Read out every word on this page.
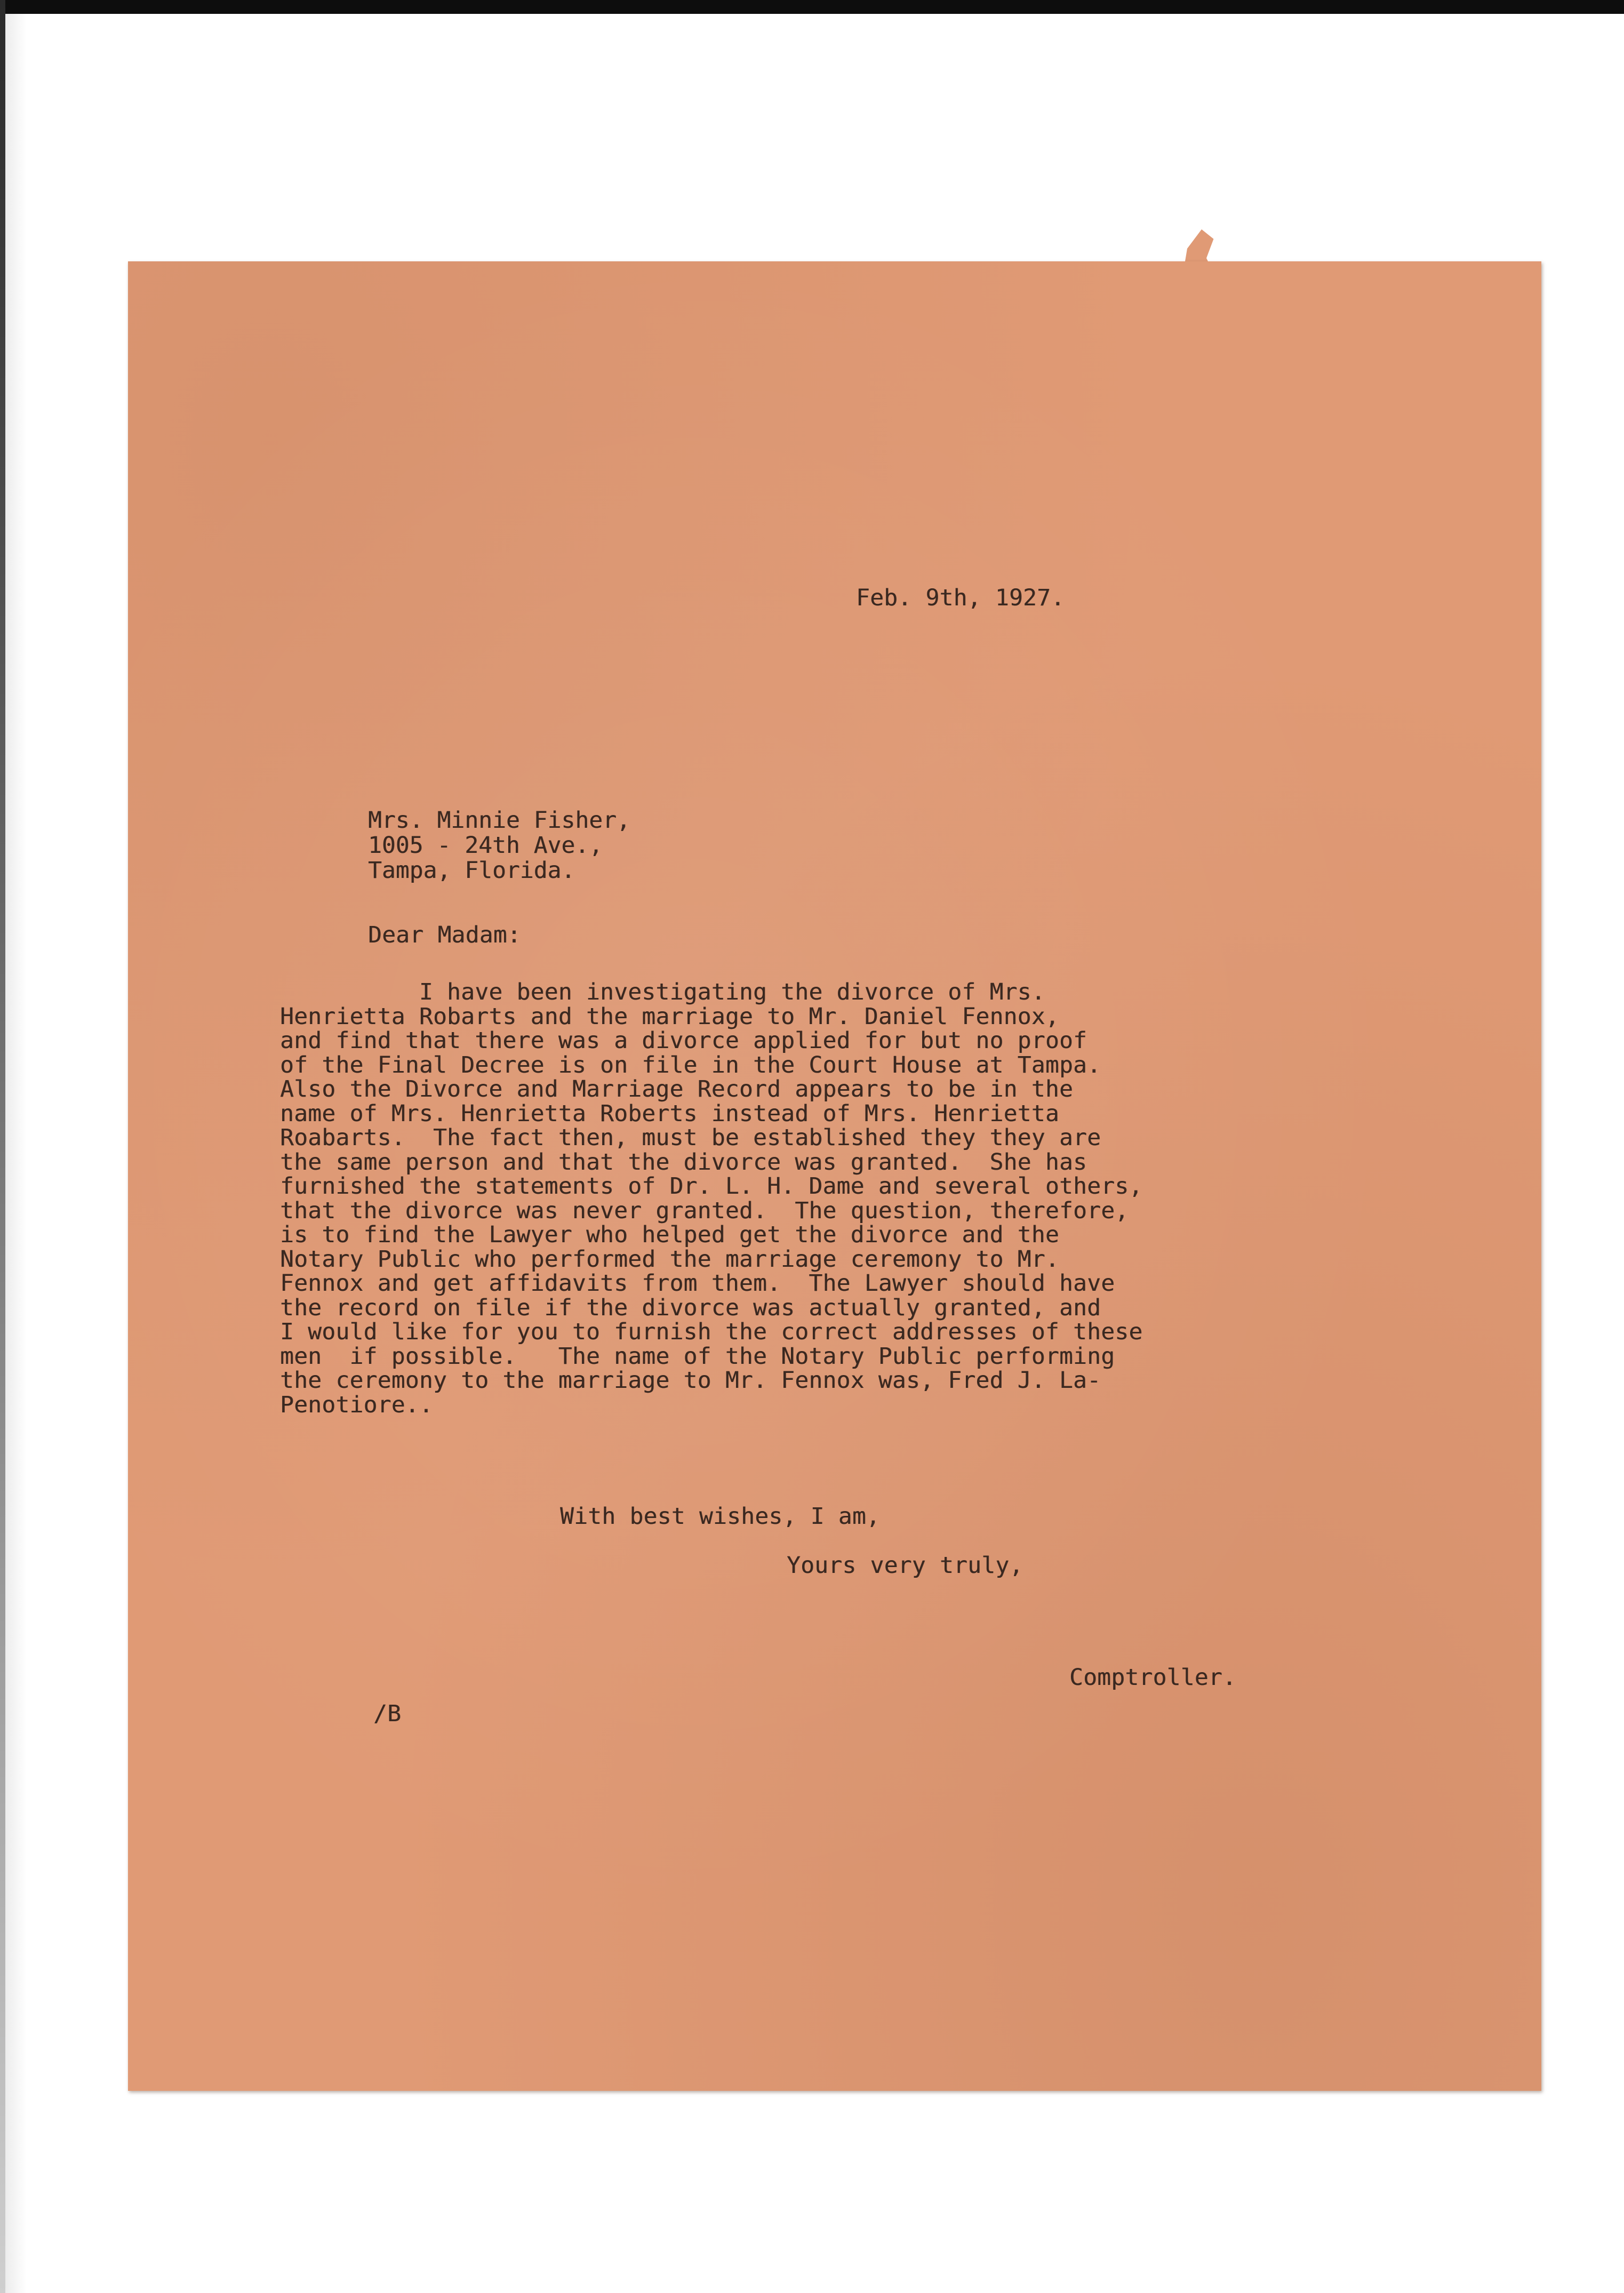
Feb. 9th, 1927.

Mrs. Minnie Fisher,
1005 - 24th Ave.,
Tampa, Florida.

Dear Madam:

I have been investigating the divorce of Mrs.
Henrietta Robarts and the marriage to Mr. Daniel Fennox,
and find that there was a divorce applied for but no proof
of the Final Decree is on file in the Court House at Tampa.
Also the Divorce and Marriage Record appears to be in the
name of Mrs. Henrietta Roberts instead of Mrs. Henrietta
Roabarts.  The fact then, must be established they they are
the same person and that the divorce was granted.  She has
furnished the statements of Dr. L. H. Dame and several others,
that the divorce was never granted.  The question, therefore,
is to find the Lawyer who helped get the divorce and the
Notary Public who performed the marriage ceremony to Mr.
Fennox and get affidavits from them.  The Lawyer should have
the record on file if the divorce was actually granted, and
I would like for you to furnish the correct addresses of these
men  if possible.   The name of the Notary Public performing
the ceremony to the marriage to Mr. Fennox was, Fred J. La-
Penotiore..

With best wishes, I am,

Yours very truly,

Comptroller.

/B
